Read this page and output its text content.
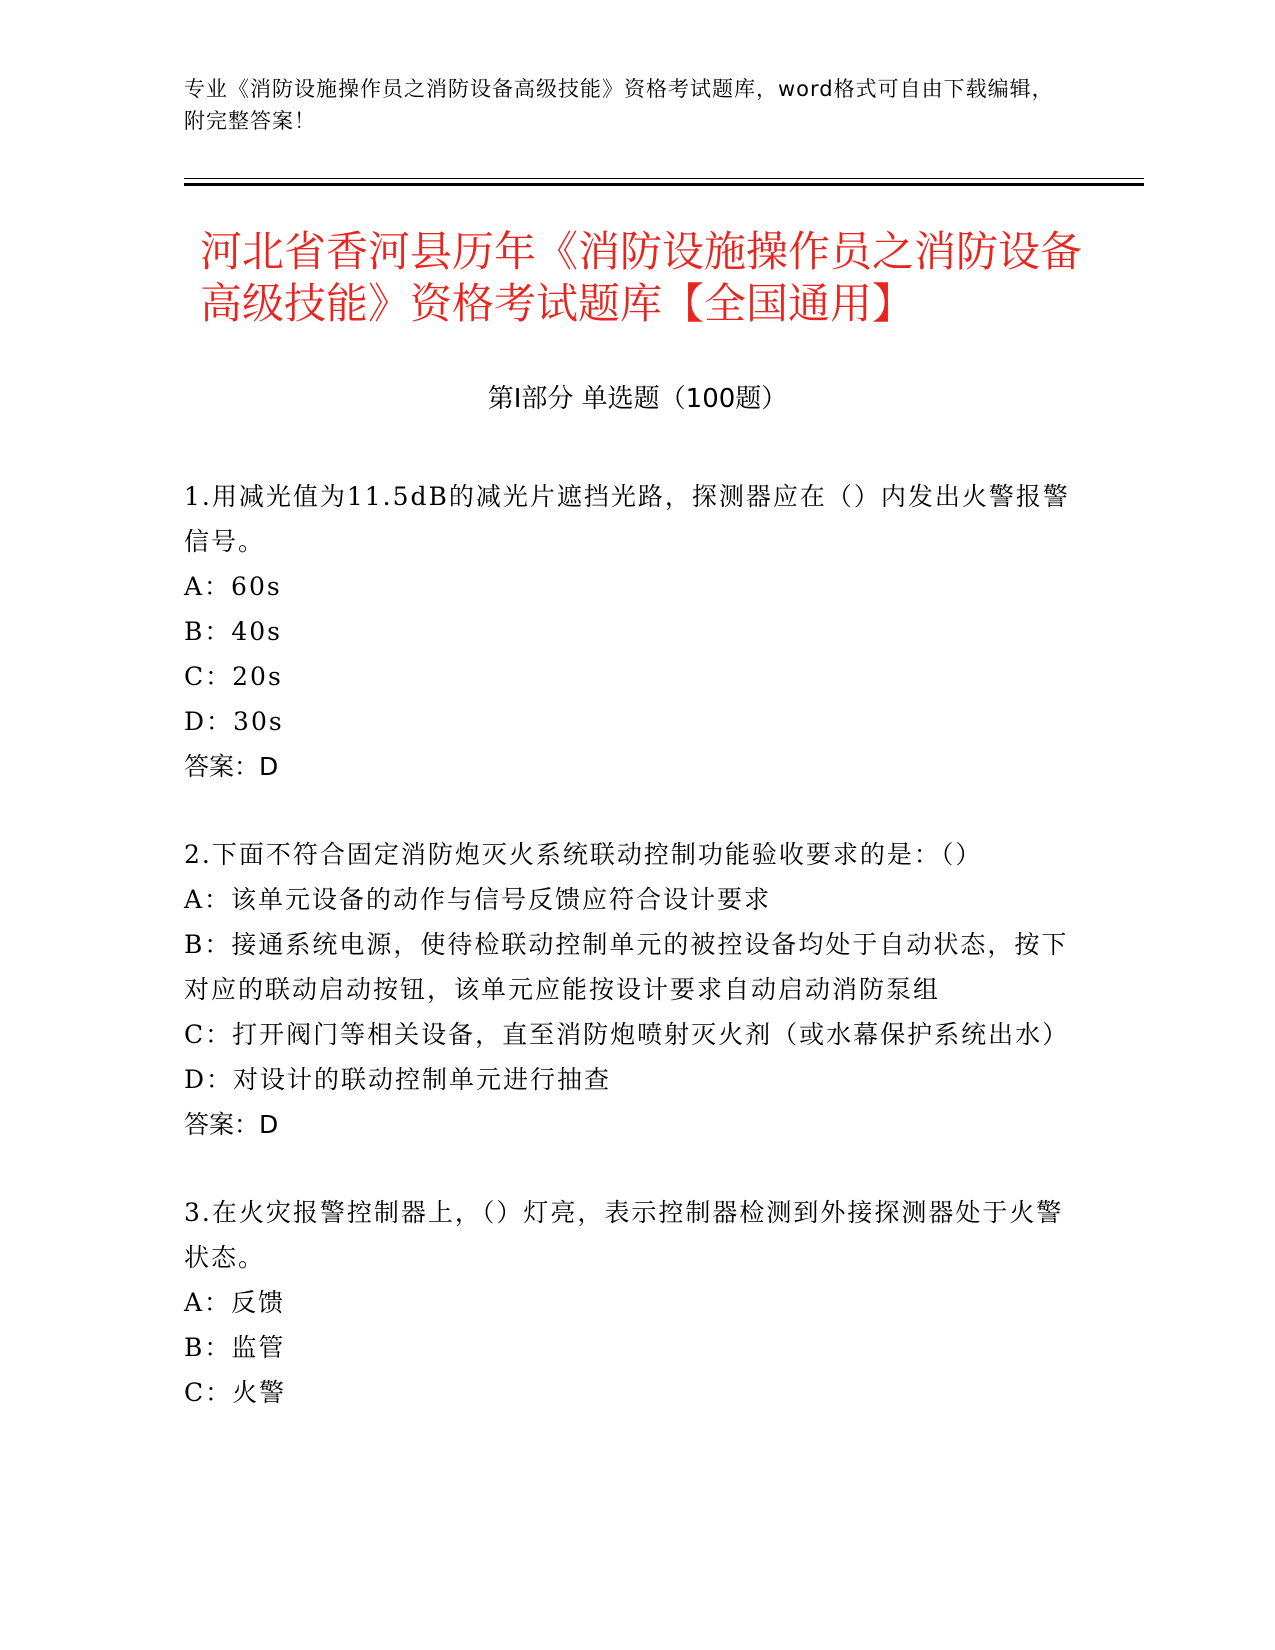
专业《消防设施操作员之消防设备高级技能》资格考试题库，word格式可自由下载编辑，附完整答案！
河北省香河县历年《消防设施操作员之消防设备高级技能》资格考试题库【全国通用】
第I部分 单选题（100题）
1.用减光值为11.5dB的减光片遮挡光路，探测器应在（）内发出火警报警信号。
A：60s
B：40s
C：20s
D：30s
答案：D
2.下面不符合固定消防炮灭火系统联动控制功能验收要求的是：（）
A：该单元设备的动作与信号反馈应符合设计要求
B：接通系统电源，使待检联动控制单元的被控设备均处于自动状态，按下对应的联动启动按钮，该单元应能按设计要求自动启动消防泵组
C：打开阀门等相关设备，直至消防炮喷射灭火剂（或水幕保护系统出水）
D：对设计的联动控制单元进行抽查
答案：D
3.在火灾报警控制器上，（）灯亮，表示控制器检测到外接探测器处于火警状态。
A：反馈
B：监管
C：火警
